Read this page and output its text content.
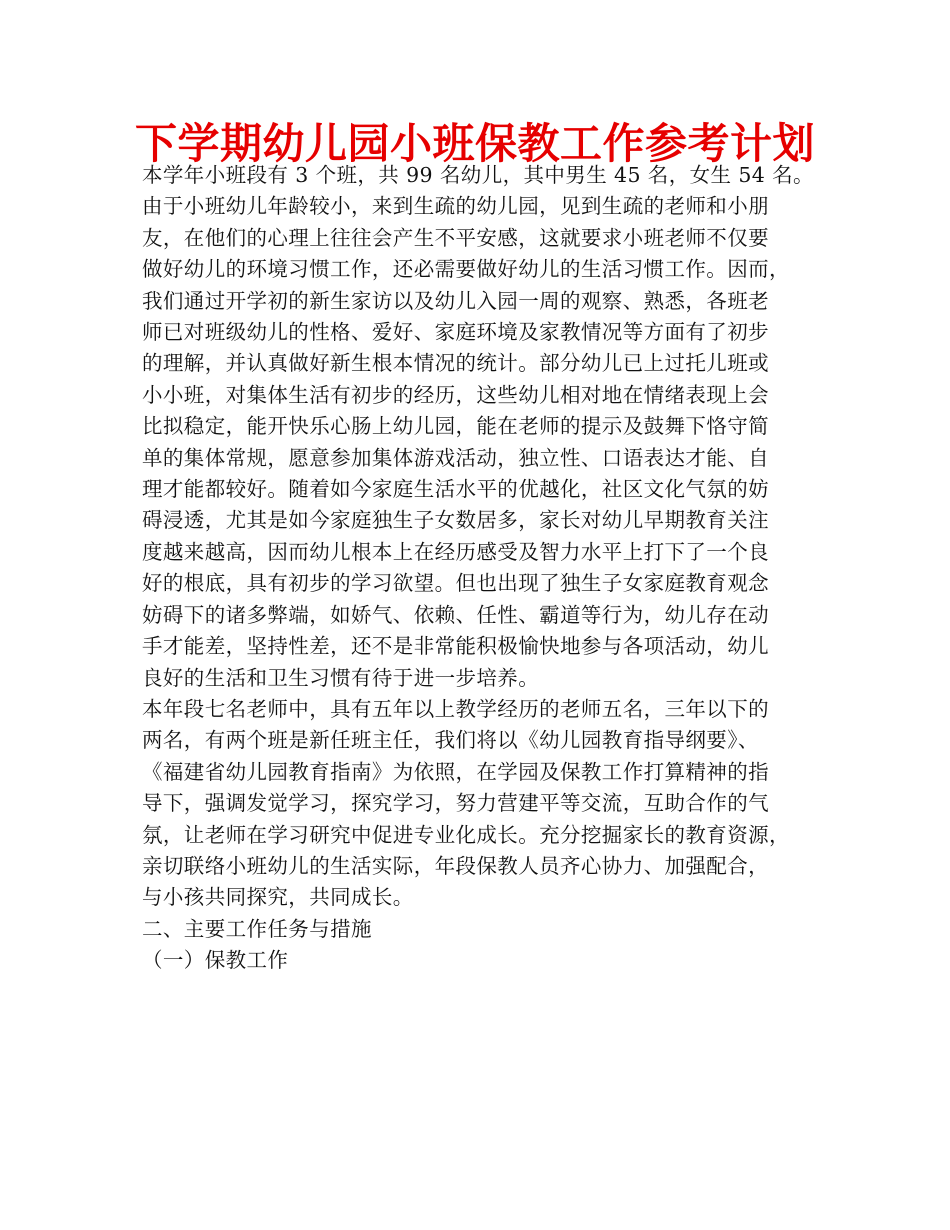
下学期幼儿园小班保教工作参考计划
本学年小班段有 3 个班，共 99 名幼儿，其中男生 45 名，女生 54 名。
由于小班幼儿年龄较小，来到生疏的幼儿园，见到生疏的老师和小朋
友，在他们的心理上往往会产生不平安感，这就要求小班老师不仅要
做好幼儿的环境习惯工作，还必需要做好幼儿的生活习惯工作。因而，
我们通过开学初的新生家访以及幼儿入园一周的观察、熟悉，各班老
师已对班级幼儿的性格、爱好、家庭环境及家教情况等方面有了初步
的理解，并认真做好新生根本情况的统计。部分幼儿已上过托儿班或
小小班，对集体生活有初步的经历，这些幼儿相对地在情绪表现上会
比拟稳定，能开快乐心肠上幼儿园，能在老师的提示及鼓舞下恪守简
单的集体常规，愿意参加集体游戏活动，独立性、口语表达才能、自
理才能都较好。随着如今家庭生活水平的优越化，社区文化气氛的妨
碍浸透，尤其是如今家庭独生子女数居多，家长对幼儿早期教育关注
度越来越高，因而幼儿根本上在经历感受及智力水平上打下了一个良
好的根底，具有初步的学习欲望。但也出现了独生子女家庭教育观念
妨碍下的诸多弊端，如娇气、依赖、任性、霸道等行为，幼儿存在动
手才能差，坚持性差，还不是非常能积极愉快地参与各项活动，幼儿
良好的生活和卫生习惯有待于进一步培养。
本年段七名老师中，具有五年以上教学经历的老师五名，三年以下的
两名，有两个班是新任班主任，我们将以《幼儿园教育指导纲要》、
《福建省幼儿园教育指南》为依照，在学园及保教工作打算精神的指
导下，强调发觉学习，探究学习，努力营建平等交流，互助合作的气
氛，让老师在学习研究中促进专业化成长。充分挖掘家长的教育资源，
亲切联络小班幼儿的生活实际，年段保教人员齐心协力、加强配合，
与小孩共同探究，共同成长。
二、主要工作任务与措施
（一）保教工作
